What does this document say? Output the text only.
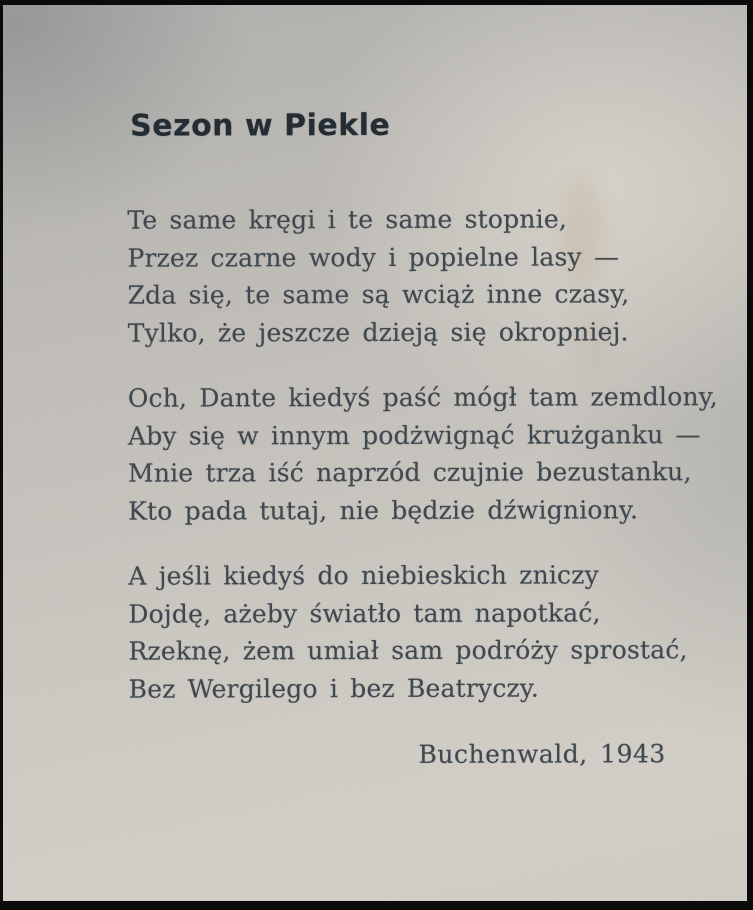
Sezon w Piekle
Te same kręgi i te same stopnie,
Przez czarne wody i popielne lasy —
Zda się, te same są wciąż inne czasy,
Tylko, że jeszcze dzieją się okropniej.
Och, Dante kiedyś paść mógł tam zemdlony,
Aby się w innym podżwignąć krużganku —
Mnie trza iść naprzód czujnie bezustanku,
Kto pada tutaj, nie będzie dźwigniony.
A jeśli kiedyś do niebieskich zniczy
Dojdę, ażeby światło tam napotkać,
Rzeknę, żem umiał sam podróży sprostać,
Bez Wergilego i bez Beatryczy.
Buchenwald, 1943
